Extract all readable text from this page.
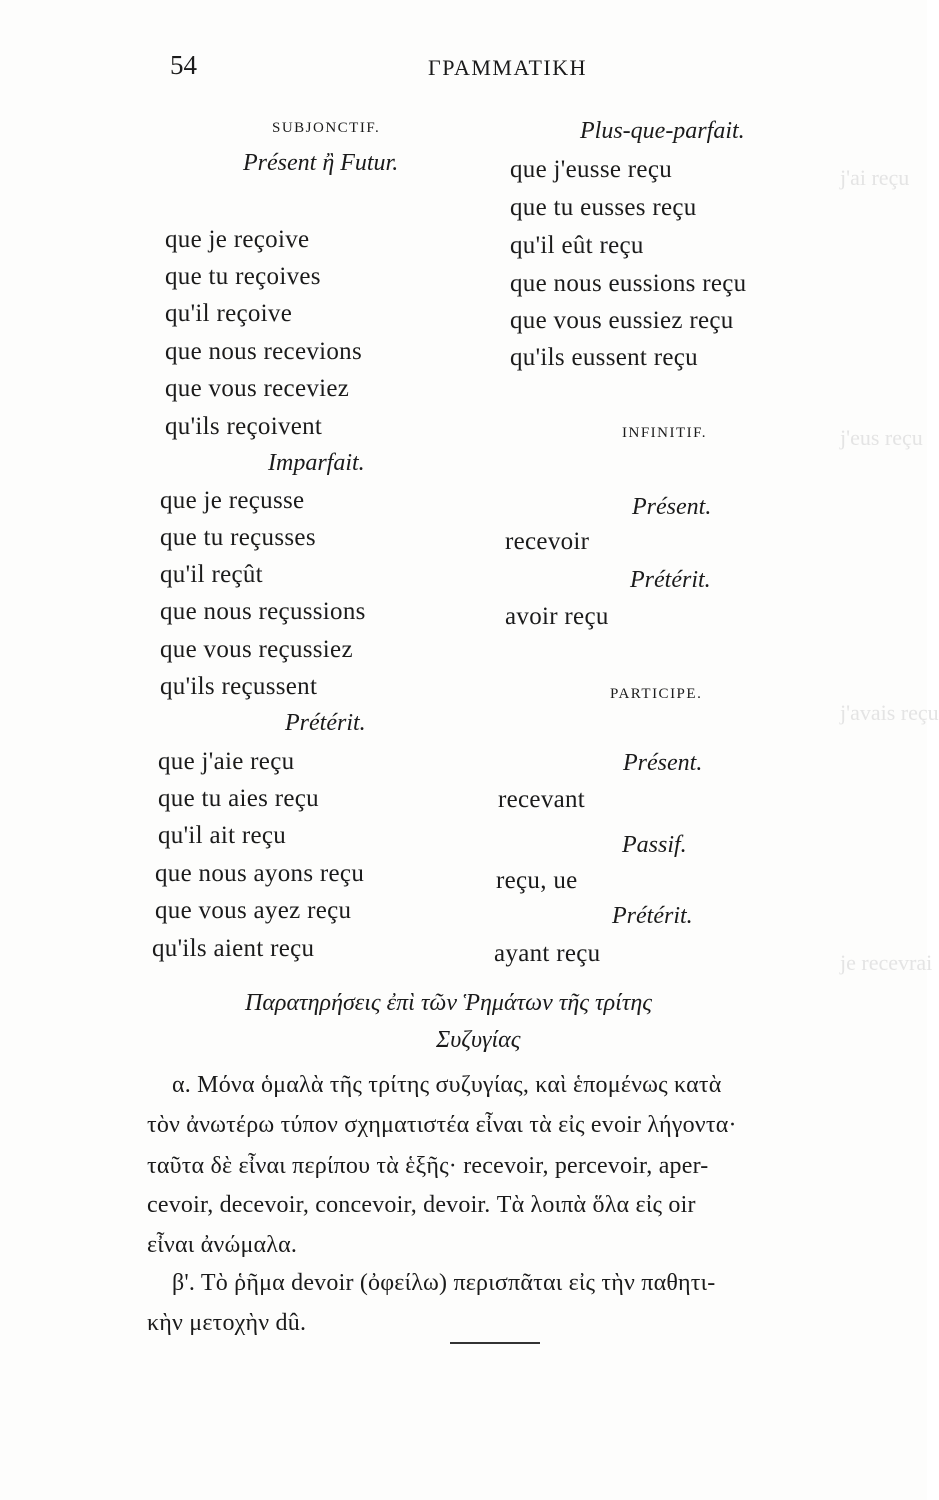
j'ai reçu
j'eus reçu
j'avais reçu
je recevrai
54	ΓΡΑΜΜΑΤΙΚΗ
SUBJONCTIF.
Présent ἢ Futur.
que je reçoive
que tu reçoives
qu'il reçoive
que nous recevions
que vous receviez
qu'ils reçoivent
Imparfait.
que je reçusse
que tu reçusses
qu'il reçût
que nous reçussions
que vous reçussiez
qu'ils reçussent
Prétérit.
que j'aie reçu
que tu aies reçu
qu'il ait reçu
que nous ayons reçu
que vous ayez reçu
qu'ils aient reçu
Plus-que-parfait.
que j'eusse reçu
que tu eusses reçu
qu'il eût reçu
que nous eussions reçu
que vous eussiez reçu
qu'ils eussent reçu
INFINITIF.
Présent.
recevoir
Prétérit.
avoir reçu
PARTICIPE.
Présent.
recevant
Passif.
reçu, ue
Prétérit.
ayant reçu
Παρατηρήσεις ἐπὶ τῶν Ῥημάτων τῆς τρίτης
Συζυγίας
α. Μόνα ὁμαλὰ τῆς τρίτης συζυγίας, καὶ ἑπομένως κατὰ
τὸν ἀνωτέρω τύπον σχηματιστέα εἶναι τὰ εἰς evoir λήγοντα·
ταῦτα δὲ εἶναι περίπου τὰ ἑξῆς· recevoir, percevoir, aper-
cevoir, decevoir, concevoir, devoir. Τὰ λοιπὰ ὅλα εἰς oir
εἶναι ἀνώμαλα.
β'. Τὸ ῥῆμα devoir (ὀφείλω) περισπᾶται εἰς τὴν παθητι-
κὴν μετοχὴν dû.
